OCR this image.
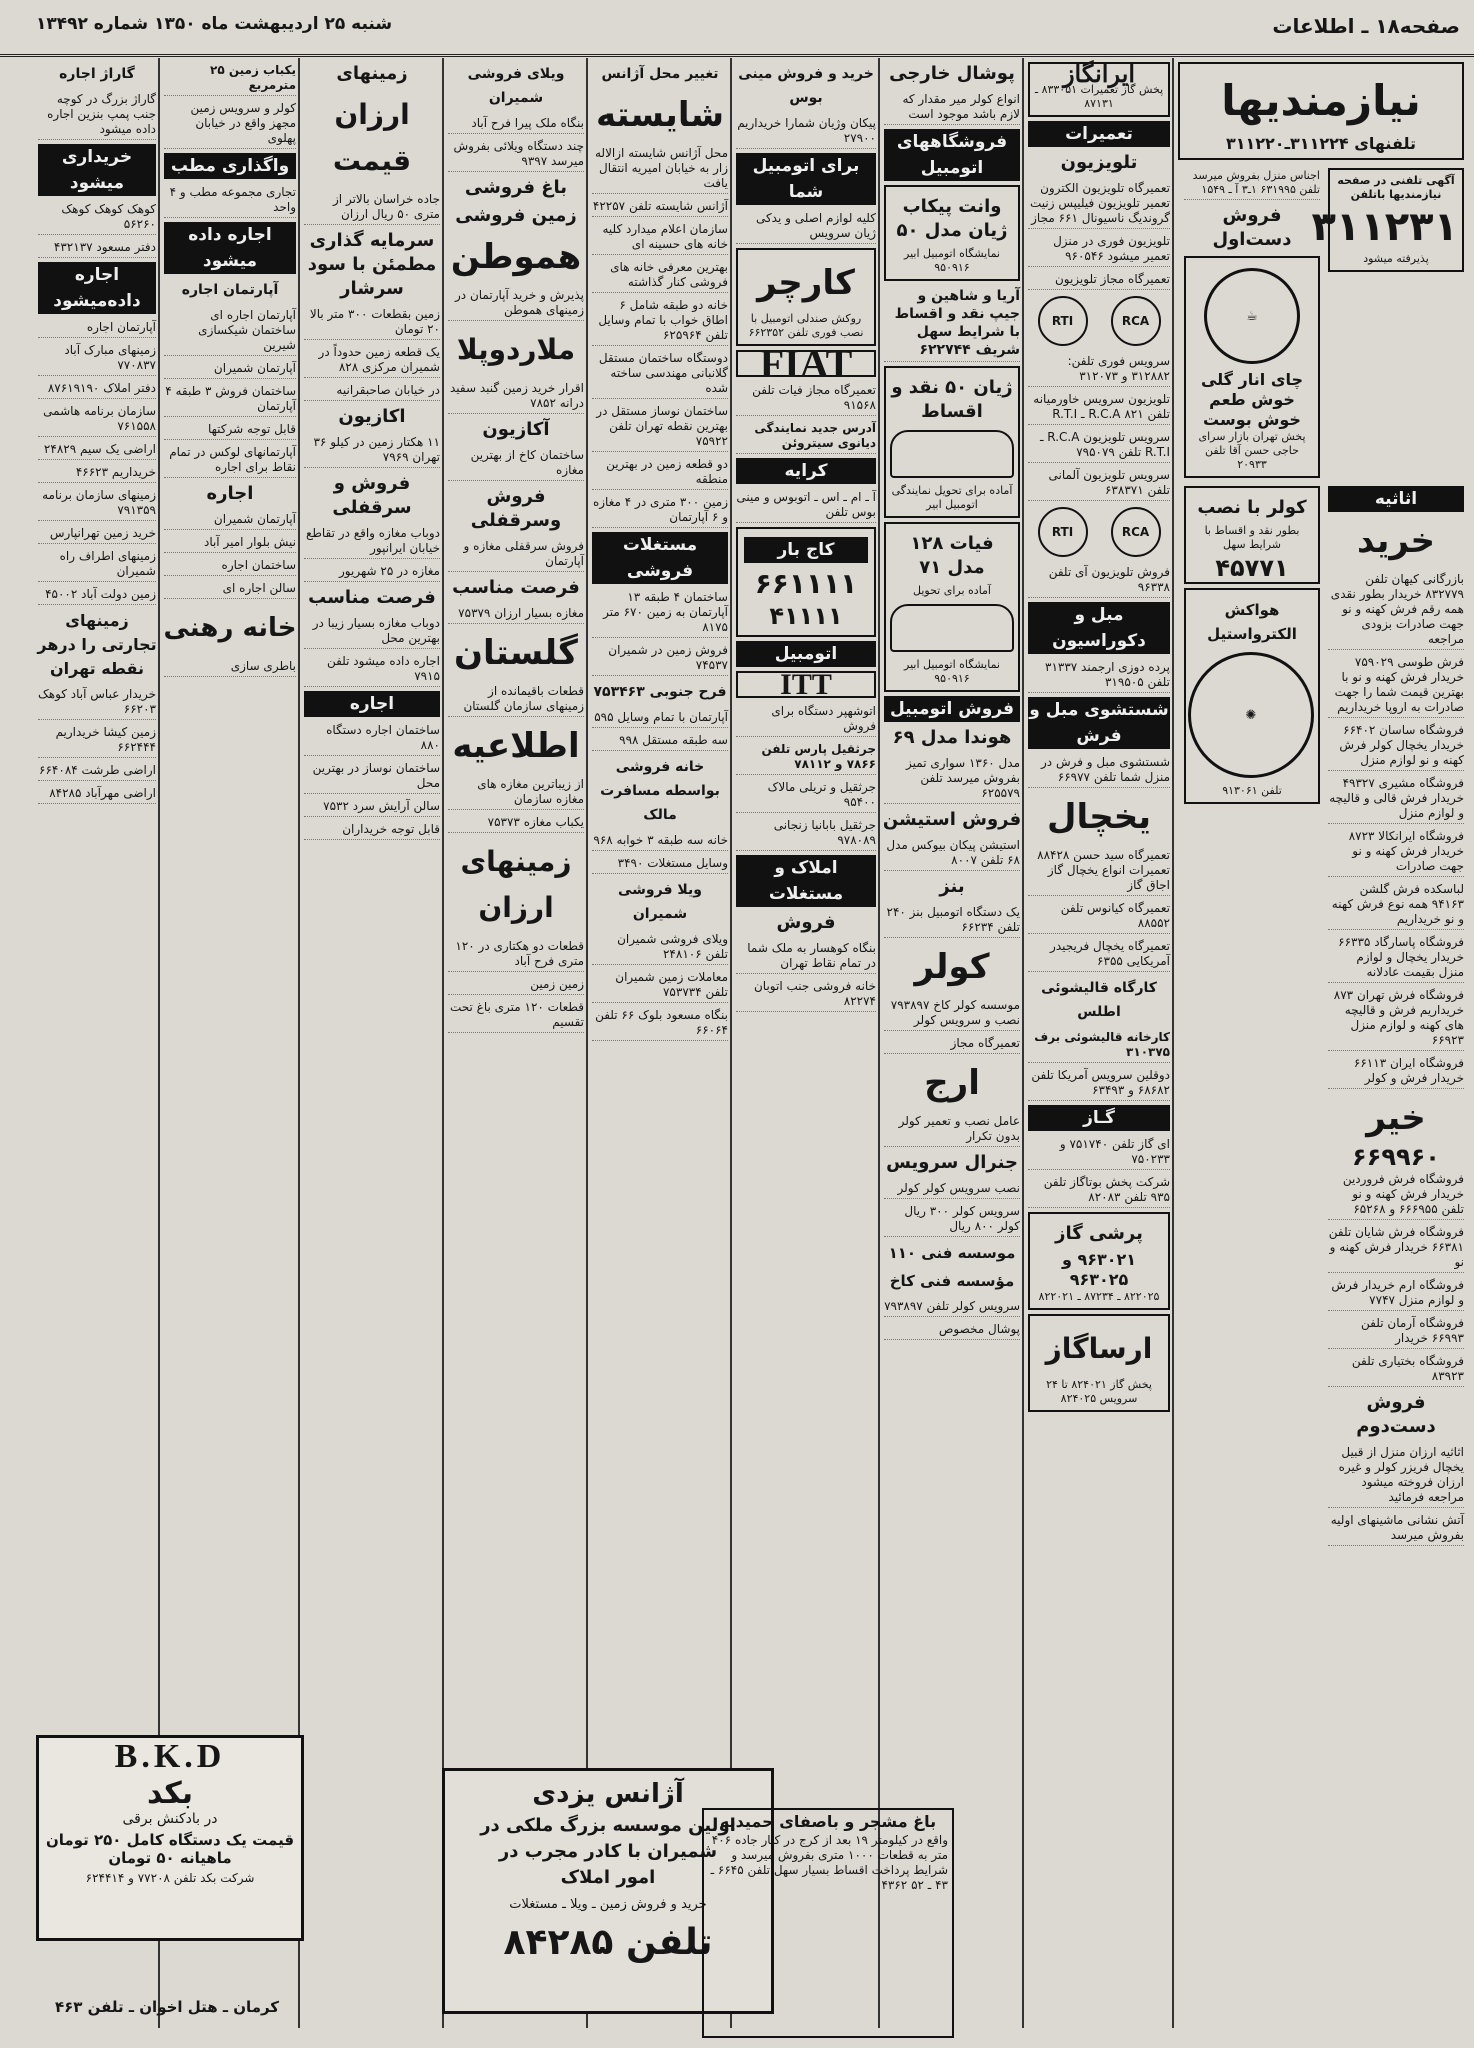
صفحه۱۸ ـ اطلاعات
شنبه ۲۵ اردیبهشت ماه ۱۳۵۰ شماره ۱۳۴۹۲
نیازمندیها
تلفنهای ۳۱۱۲۲۴ـ۳۱۱۲۲۰
آگهی تلفنی در صفحه نیازمندیها باتلفن
۳۱۱۲۳۱
پذیرفته میشود
اجناس منزل بفروش میرسد تلفن ۶۳۱۹۹۵ ۱ـ۳ آ ـ ۱۵۴۹
فروش دست‌اول
☕
چای انار گلی خوش طعم خوش بوست
پخش تهران بازار سرای حاجی حسن آقا تلفن ۲۰۹۳۳
اثاثیه
خرید
بازرگانی کیهان تلفن ۸۳۲۷۷۹ خریدار بطور نقدی همه رقم فرش کهنه و نو جهت صادرات بزودی مراجعه
فرش طوسی ۷۵۹۰۲۹ خریدار فرش کهنه و نو با بهترین قیمت شما را جهت صادرات به اروپا خریداریم
فروشگاه ساسان ۶۶۴۰۲ خریدار یخچال کولر فرش کهنه و نو لوازم منزل
فروشگاه مشیری ۴۹۳۲۷ خریدار فرش قالی و قالیچه و لوازم منزل
فروشگاه ایرانکالا ۸۷۲۳ خریدار فرش کهنه و نو جهت صادرات
لباسکده فرش گلشن ۹۴۱۶۳ همه نوع فرش کهنه و نو خریداریم
فروشگاه پاسارگاد ۶۶۳۳۵ خریدار یخچال و لوازم منزل بقیمت عادلانه
فروشگاه فرش تهران ۸۷۳ خریداریم فرش و قالیچه های کهنه و لوازم منزل ۶۶۹۲۳
فروشگاه ایران ۶۶۱۱۳ خریدار فرش و کولر
خیر
۶۶۹۹۶۰
فروشگاه فرش فروردین خریدار فرش کهنه و نو تلفن ۶۶۶۹۵۵ و ۶۵۲۶۸
فروشگاه فرش شایان تلفن ۶۶۳۸۱ خریدار فرش کهنه و نو
فروشگاه ارم خریدار فرش و لوازم منزل ۷۷۴۷
فروشگاه آرمان تلفن ۶۶۹۹۳ خریدار
فروشگاه بختیاری تلفن ۸۳۹۲۳
فروش دست‌دوم
اثاثیه ارزان منزل از قبیل یخچال فریزر کولر و غیره ارزان فروخته میشود مراجعه فرمائید
آتش نشانی ماشینهای اولیه بفروش میرسد
کولر با نصب
بطور نقد و اقساط با شرایط سهل
۴۵۷۷۱
هواکش الکترواستیل
✺
تلفن ۹۱۳۰۶۱
ایرانگاز
پخش گاز تعمیرات ۸۳۳۰۵۱ ـ ۸۷۱۳۱
تعمیرات
تلویزیون
تعمیرگاه تلویزیون الکترون تعمیر تلویزیون فیلیپس زنیت گروندیگ ناسیونال ۶۶۱ مجاز
تلویزیون فوری در منزل تعمیر میشود ۹۶۰۵۴۶
تعمیرگاه مجاز تلویزیون
RCA
RTI
سرویس فوری تلفن: ۳۱۲۸۸۲ و ۳۱۲۰۷۳
تلویزیون سرویس خاورمیانه تلفن ۸۲۱ R.C.A ـ R.T.I
سرویس تلویزیون R.C.A ـ R.T.I تلفن ۷۹۵۰۷۹
سرویس تلویزیون آلمانی تلفن ۶۳۸۳۷۱
RCA
RTI
فروش تلویزیون آی تلفن ۹۶۳۳۸
مبل و دکوراسیون
پرده دوزی ارجمند ۳۱۳۳۷ تلفن ۳۱۹۵۰۵
شستشوی مبل و فرش
شستشوی مبل و فرش در منزل شما تلفن ۶۶۹۷۷
یخچال
تعمیرگاه سید حسن ۸۸۴۲۸ تعمیرات انواع یخچال گاز اجاق گاز
تعمیرگاه کیانوس تلفن ۸۸۵۵۲
تعمیرگاه یخچال فریجیدر آمریکایی ۶۳۵۵
کارگاه قالیشوئی اطلس
کارخانه قالیشوئی برف ۳۱۰۳۷۵
دوقلین سرویس آمریکا تلفن ۶۸۶۸۲ و ۶۳۴۹۳
گـاز
ای گاز تلفن ۷۵۱۷۴۰ و ۷۵۰۲۳۳
شرکت پخش بوتاگاز تلفن ۹۳۵ تلفن ۸۲۰۸۳
پرشی گاز
۹۶۳۰۲۱ و ۹۶۳۰۲۵
۸۲۲۰۲۵ ـ ۸۷۲۳۴ ـ ۸۲۲۰۲۱
ارساگاز
پخش گاز ۸۲۴۰۲۱ تا ۲۴ سرویس ۸۲۴۰۲۵
پوشال خارجی
انواع کولر میر مقدار که لازم باشد موجود است
فروشگاههای اتومبیل
وانت پیکاب ژیان مدل ۵۰
نمایشگاه اتومبیل ابیر ۹۵۰۹۱۶
آریا و شاهین و جیپ نقد و اقساط با شرایط سهل شریف ۶۲۲۷۴۴
ژیان ۵۰ نقد و اقساط
آماده برای تحویل نمایندگی اتومبیل ابیر
فیات ۱۲۸ مدل ۷۱
آماده برای تحویل
نمایشگاه اتومبیل ابیر ۹۵۰۹۱۶
فروش اتومبیل
هوندا مدل ۶۹
مدل ۱۳۶۰ سواری تمیز بفروش میرسد تلفن ۶۲۵۵۷۹
فروش استیشن
استیشن پیکان بیوکس مدل ۶۸ تلفن ۸۰۰۷
بنز
یک دستگاه اتومبیل بنز ۲۴۰ تلفن ۶۶۲۳۴
کولر
موسسه کولر کاخ ۷۹۳۸۹۷ نصب و سرویس کولر
تعمیرگاه مجاز
ارج
عامل نصب و تعمیر کولر بدون تکرار
جنرال سرویس
نصب سرویس کولر کولر
سرویس کولر ۳۰۰ ریال کولر ۸۰۰ ریال
موسسه فنی ۱۱۰
مؤسسه فنی کاخ
سرویس کولر تلفن ۷۹۳۸۹۷
پوشال مخصوص
خرید و فروش مینی بوس
پیکان وژیان شمارا خریداریم ۲۷۹۰۰
برای اتومبیل شما
کلیه لوازم اصلی و یدکی ژیان سرویس
کارچر
روکش صندلی اتومبیل با نصب فوری تلفن ۶۶۲۳۵۲
FIAT
تعمیرگاه مجاز فیات تلفن ۹۱۵۶۸
آدرس جدید نمایندگی دیانوی سیتروئن
کرایه
آ ـ ام ـ اس ـ اتوبوس و مینی بوس تلفن
کاج بار
۶۶۱۱۱۱
۴۱۱۱۱
اتومبیل
ITT
اتوشهپر دستگاه برای فروش
جرثقیل پارس تلفن ۷۸۶۶ و ۷۸۱۱۲
جرثقیل و تریلی مالاک ۹۵۴۰۰
جرثقیل بابانیا زنجانی ۹۷۸۰۸۹
املاک و مستغلات
فروش
بنگاه کوهسار به ملک شما در تمام نقاط تهران
خانه فروشی جنب اتوبان ۸۲۲۷۴
تغییر محل آژانس
شایسته
محل آژانس شایسته ازالاله زار به خیابان امیریه انتقال یافت
آژانس شایسته تلفن ۴۲۲۵۷
سازمان اعلام میدارد کلیه خانه های حسینه ای
بهترین معرفی خانه های فروشی کنار گذاشته
خانه دو طبقه شامل ۶ اطاق خواب با تمام وسایل تلفن ۶۲۵۹۶۴
دوستگاه ساختمان مستقل گلانبانی مهندسی ساخته شده
ساختمان نوساز مستقل در بهترین نقطه تهران تلفن ۷۵۹۲۲
دو قطعه زمین در بهترین منطقه
زمین ۳۰۰ متری در ۴ مغازه و ۶ آپارتمان
مستغلات فروشی
ساختمان ۴ طبقه ۱۳ آپارتمان به زمین ۶۷۰ متر ۸۱۷۵
فروش زمین در شمیران ۷۴۵۳۷
فرح جنوبی ۷۵۳۴۶۳
آپارتمان با تمام وسایل ۵۹۵
سه طبقه مستقل ۹۹۸
خانه فروشی بواسطه مسافرت مالک
خانه سه طبقه ۳ خوابه ۹۶۸
وسایل مستغلات ۳۴۹۰
ویلا فروشی شمیران
ویلای فروشی شمیران تلفن ۲۴۸۱۰۶
معاملات زمین شمیران تلفن ۷۵۳۷۳۴
بنگاه مسعود بلوک ۶۶ تلفن ۶۶۰۶۴
ویلای فروشی شمیران
بنگاه ملک پیرا فرح آباد
چند دستگاه ویلائی بفروش میرسد ۹۳۹۷
باغ فروشی
زمین فروشی
هموطن
پذیرش و خرید آپارتمان در زمینهای هموطن
ملاردوپلا
اقرار خرید زمین گنبد سفید درانه ۷۸۵۲
آکازیون
ساختمان کاخ از بهترین مغازه
فروش وسرقفلی
فروش سرقفلی مغازه و آپارتمان
فرصت مناسب
مغازه بسیار ارزان ۷۵۳۷۹
گلستان
قطعات باقیمانده از زمینهای سازمان گلستان
اطلاعیه
از زیباترین مغازه های مغازه سازمان
یکباب مغازه ۷۵۳۷۳
زمینهای ارزان
قطعات دو هکتاری در ۱۲۰ متری فرح آباد
زمین زمین
قطعات ۱۲۰ متری باغ تحت تقسیم
زمینهای
ارزان قیمت
جاده خراسان بالاتر از متری ۵۰ ریال ارزان
سرمایه گذاری مطمئن با سود سرشار
زمین بقطعات ۳۰۰ متر بالا ۲۰ تومان
یک قطعه زمین حدوداً در شمیران مرکزی ۸۲۸
در خیابان صاحبقرانیه
اکازیون
۱۱ هکتار زمین در کیلو ۳۶ تهران ۷۹۶۹
فروش و سرقفلی
دوباب مغازه واقع در تقاطع خیابان ایرانپور
مغازه در ۲۵ شهریور
فرصت مناسب
دوباب مغازه بسیار زیبا در بهترین محل
اجاره داده میشود تلفن ۷۹۱۵
اجاره
ساختمان اجاره دستگاه ۸۸۰
ساختمان نوساز در بهترین محل
سالن آرایش سرد ۷۵۳۲
قابل توجه خریداران
یکباب زمین ۲۵ مترمربع
کولر و سرویس زمین مجهز واقع در خیابان پهلوی
واگذاری مطب
تجاری مجموعه مطب و ۴ واحد
اجاره داده میشود
آپارتمان اجاره
آپارتمان اجاره ای ساختمان شیکسازی شیرین
آپارتمان شمیران
ساختمان فروش ۳ طبقه ۴ آپارتمان
قابل توجه شرکتها
آپارتمانهای لوکس در تمام نقاط برای اجاره
اجاره
آپارتمان شمیران
نیش بلوار امیر آباد
ساختمان اجاره
سالن اجاره ای
خانه رهنی
باطری سازی
گاراژ اجاره
گاراژ بزرگ در کوچه جنب پمپ بنزین اجاره داده میشود
خریداری میشود
کوهک کوهک کوهک ۵۶۲۶۰
دفتر مسعود ۴۳۲۱۳۷
اجاره داده‌میشود
آپارتمان اجاره
زمینهای مبارک آباد ۷۷۰۸۳۷
دفتر املاک ۸۷۶۱۹۱۹۰
سازمان برنامه هاشمی ۷۶۱۵۵۸
اراضی یک سیم ۲۴۸۲۹
خریداریم ۴۶۶۲۳
زمینهای سازمان برنامه ۷۹۱۳۵۹
خرید زمین تهرانپارس
زمینهای اطراف راه شمیران
زمین دولت آباد ۴۵۰۰۲
زمینهای تجارتی را درهر نقطه تهران
خریدار عباس آباد کوهک ۶۶۲۰۳
زمین کیشا خریداریم ۶۶۲۴۴۴
اراضی طرشت ۶۶۴۰۸۴
اراضی مهرآباد ۸۴۲۸۵
B.K.D
بکد
در بادکنش برقی
قیمت یک دستگاه کامل ۲۵۰ تومان
ماهیانه ۵۰ تومان
شرکت بکد تلفن ۷۷۲۰۸ و ۶۲۴۴۱۴
کرمان ـ هتل اخوان ـ تلفن ۴۶۳
آژانس یزدی
اولین موسسه بزرگ ملکی در
شمیران با کادر مجرب در
امور املاک
خرید و فروش زمین ـ ویلا ـ مستغلات
تلفن ۸۴۲۸۵
باغ مشجر و باصفای حمیدیه
واقع در کیلومتر ۱۹ بعد از کرج در کنار جاده ۴۰۶ متر به قطعات ۱۰۰۰ متری بفروش میرسد و شرایط پرداخت اقساط بسیار سهل تلفن ۶۶۴۵ ـ ۴۳ ـ ۵۲ ۴۳۶۲
